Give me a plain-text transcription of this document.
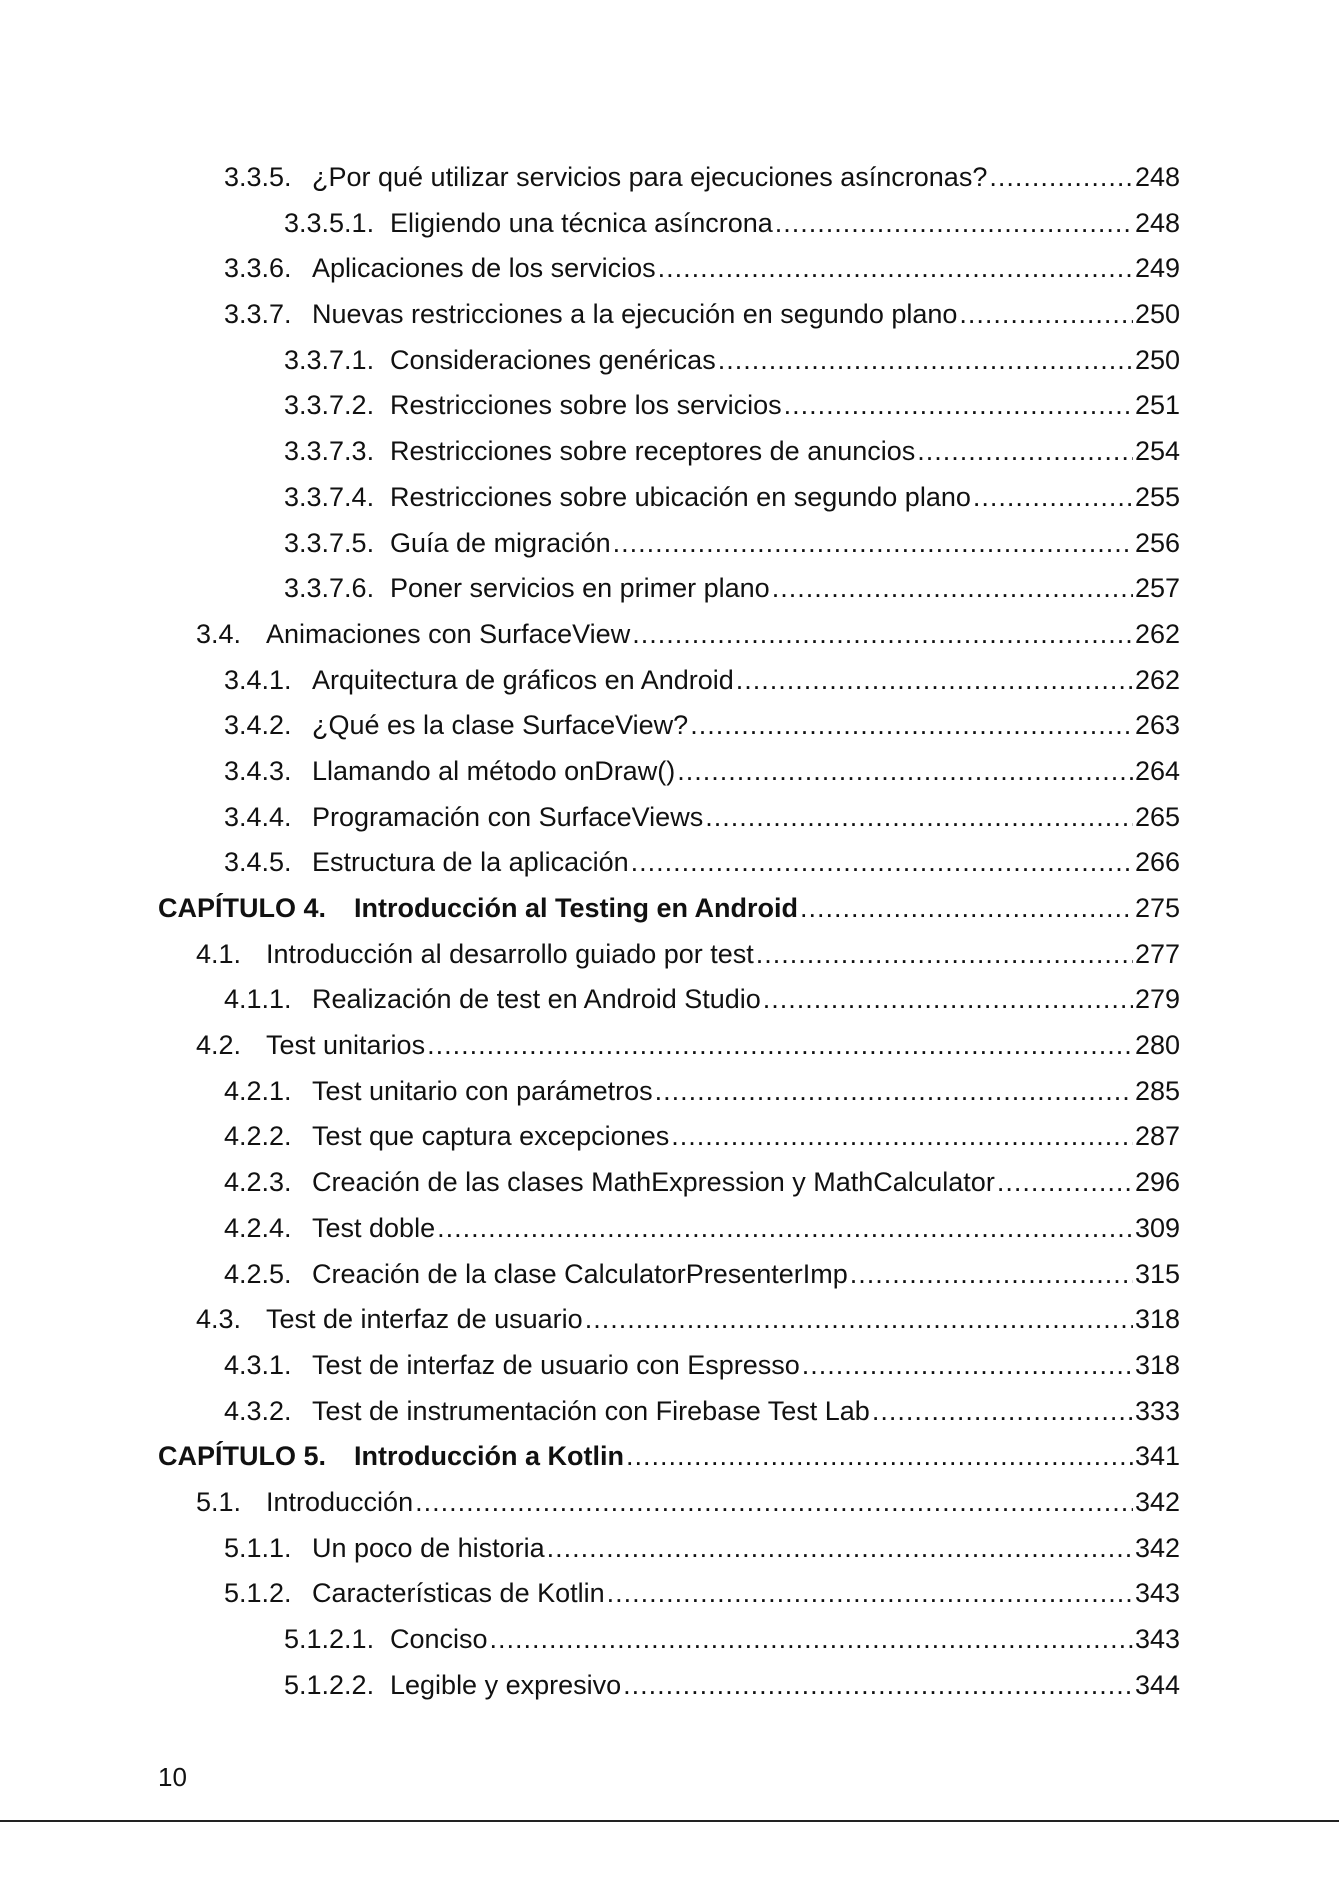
3.3.5. ¿Por qué utilizar servicios para ejecuciones asíncronas? .....	248
3.3.5.1. Eligiendo una técnica asíncrona .....	248
3.3.6. Aplicaciones de los servicios .....	249
3.3.7. Nuevas restricciones a la ejecución en segundo plano .....	250
3.3.7.1. Consideraciones genéricas .....	250
3.3.7.2. Restricciones sobre los servicios .....	251
3.3.7.3. Restricciones sobre receptores de anuncios .....	254
3.3.7.4. Restricciones sobre ubicación en segundo plano .....	255
3.3.7.5. Guía de migración .....	256
3.3.7.6. Poner servicios en primer plano .....	257
3.4. Animaciones con SurfaceView .....	262
3.4.1. Arquitectura de gráficos en Android .....	262
3.4.2. ¿Qué es la clase SurfaceView? .....	263
3.4.3. Llamando al método onDraw() .....	264
3.4.4. Programación con SurfaceViews .....	265
3.4.5. Estructura de la aplicación .....	266
CAPÍTULO 4.	Introducción al Testing en Android .....	275
4.1. Introducción al desarrollo guiado por test .....	277
4.1.1. Realización de test en Android Studio .....	279
4.2. Test unitarios .....	280
4.2.1. Test unitario con parámetros .....	285
4.2.2. Test que captura excepciones .....	287
4.2.3. Creación de las clases MathExpression y MathCalculator .....	296
4.2.4. Test doble .....	309
4.2.5. Creación de la clase CalculatorPresenterImp .....	315
4.3. Test de interfaz de usuario .....	318
4.3.1. Test de interfaz de usuario con Espresso .....	318
4.3.2. Test de instrumentación con Firebase Test Lab .....	333
CAPÍTULO 5.	Introducción a Kotlin .....	341
5.1. Introducción .....	342
5.1.1. Un poco de historia .....	342
5.1.2. Características de Kotlin .....	343
5.1.2.1. Conciso .....	343
5.1.2.2. Legible y expresivo .....	344
10
